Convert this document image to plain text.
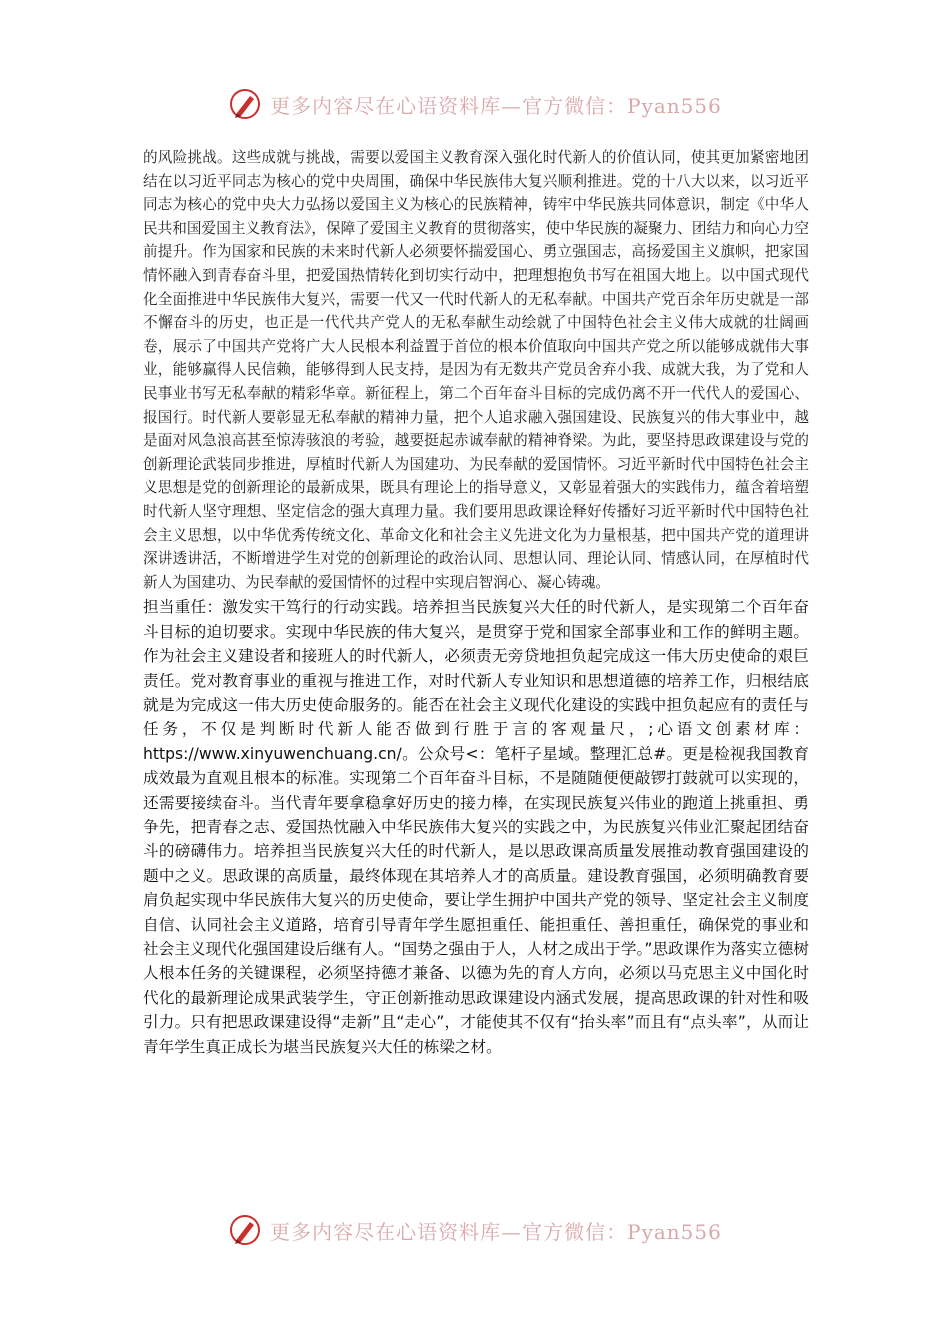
更多内容尽在心语资料库—官方微信：Pyan556

的风险挑战。这些成就与挑战，需要以爱国主义教育深入强化时代新人的价值认同，使其更加紧密地团结在以习近平同志为核心的党中央周围，确保中华民族伟大复兴顺利推进。党的十八大以来，以习近平同志为核心的党中央大力弘扬以爱国主义为核心的民族精神，铸牢中华民族共同体意识，制定《中华人民共和国爱国主义教育法》，保障了爱国主义教育的贯彻落实，使中华民族的凝聚力、团结力和向心力空前提升。作为国家和民族的未来时代新人必须要怀揣爱国心、勇立强国志，高扬爱国主义旗帜，把家国情怀融入到青春奋斗里，把爱国热情转化到切实行动中，把理想抱负书写在祖国大地上。以中国式现代化全面推进中华民族伟大复兴，需要一代又一代时代新人的无私奉献。中国共产党百余年历史就是一部不懈奋斗的历史，也正是一代代共产党人的无私奉献生动绘就了中国特色社会主义伟大成就的壮阔画卷，展示了中国共产党将广大人民根本利益置于首位的根本价值取向中国共产党之所以能够成就伟大事业，能够赢得人民信赖，能够得到人民支持，是因为有无数共产党员舍弃小我、成就大我，为了党和人民事业书写无私奉献的精彩华章。新征程上，第二个百年奋斗目标的完成仍离不开一代代人的爱国心、报国行。时代新人要彰显无私奉献的精神力量，把个人追求融入强国建设、民族复兴的伟大事业中，越是面对风急浪高甚至惊涛骇浪的考验，越要挺起赤诚奉献的精神脊梁。为此，要坚持思政课建设与党的创新理论武装同步推进，厚植时代新人为国建功、为民奉献的爱国情怀。习近平新时代中国特色社会主义思想是党的创新理论的最新成果，既具有理论上的指导意义，又彰显着强大的实践伟力，蕴含着培塑时代新人坚守理想、坚定信念的强大真理力量。我们要用思政课诠释好传播好习近平新时代中国特色社会主义思想，以中华优秀传统文化、革命文化和社会主义先进文化为力量根基，把中国共产党的道理讲深讲透讲活，不断增进学生对党的创新理论的政治认同、思想认同、理论认同、情感认同，在厚植时代新人为国建功、为民奉献的爱国情怀的过程中实现启智润心、凝心铸魂。

担当重任：激发实干笃行的行动实践。培养担当民族复兴大任的时代新人，是实现第二个百年奋斗目标的迫切要求。实现中华民族的伟大复兴，是贯穿于党和国家全部事业和工作的鲜明主题。作为社会主义建设者和接班人的时代新人，必须责无旁贷地担负起完成这一伟大历史使命的艰巨责任。党对教育事业的重视与推进工作，对时代新人专业知识和思想道德的培养工作，归根结底就是为完成这一伟大历史使命服务的。能否在社会主义现代化建设的实践中担负起应有的责任与任务，不仅是判断时代新人能否做到行胜于言的客观量尺，;心语文创素材库：https://www.xinyuwenchuang.cn/。公众号<：笔杆子星域。整理汇总#。更是检视我国教育成效最为直观且根本的标准。实现第二个百年奋斗目标，不是随随便便敲锣打鼓就可以实现的，还需要接续奋斗。当代青年要拿稳拿好历史的接力棒，在实现民族复兴伟业的跑道上挑重担、勇争先，把青春之志、爱国热忱融入中华民族伟大复兴的实践之中，为民族复兴伟业汇聚起团结奋斗的磅礴伟力。培养担当民族复兴大任的时代新人，是以思政课高质量发展推动教育强国建设的题中之义。思政课的高质量，最终体现在其培养人才的高质量。建设教育强国，必须明确教育要肩负起实现中华民族伟大复兴的历史使命，要让学生拥护中国共产党的领导、坚定社会主义制度自信、认同社会主义道路，培育引导青年学生愿担重任、能担重任、善担重任，确保党的事业和社会主义现代化强国建设后继有人。“国势之强由于人，人材之成出于学。”思政课作为落实立德树人根本任务的关键课程，必须坚持德才兼备、以德为先的育人方向，必须以马克思主义中国化时代化的最新理论成果武装学生，守正创新推动思政课建设内涵式发展，提高思政课的针对性和吸引力。只有把思政课建设得“走新”且“走心”，才能使其不仅有“抬头率”而且有“点头率”，从而让青年学生真正成长为堪当民族复兴大任的栋梁之材。

更多内容尽在心语资料库—官方微信：Pyan556
